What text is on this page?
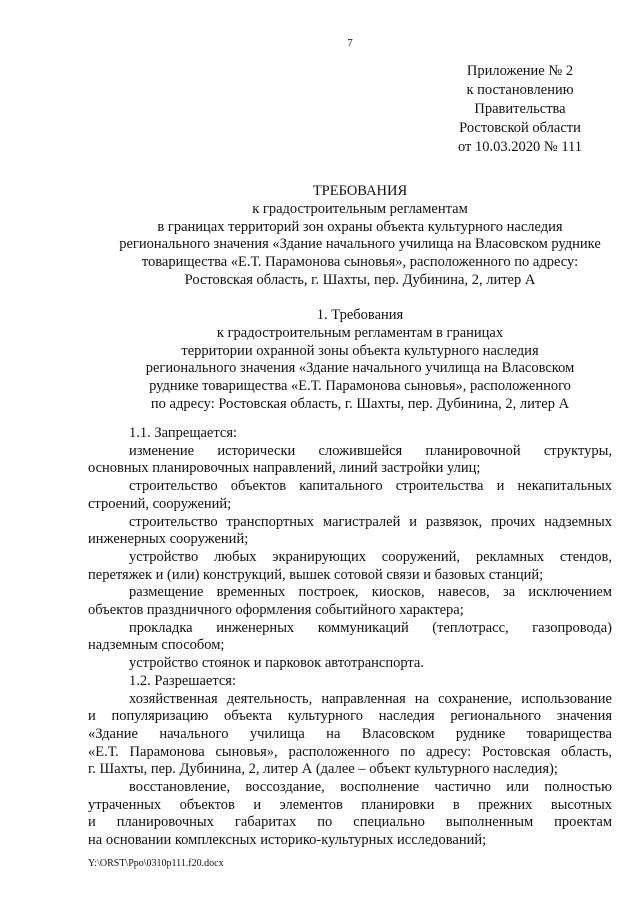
7
Приложение № 2
к постановлению
Правительства
Ростовской области
от 10.03.2020 № 111
ТРЕБОВАНИЯ
к градостроительным регламентам
в границах территорий зон охраны объекта культурного наследия
регионального значения «Здание начального училища на Власовском руднике
товарищества «Е.Т. Парамонова сыновья», расположенного по адресу:
Ростовская область, г. Шахты, пер. Дубинина, 2, литер А
1. Требования
к градостроительным регламентам в границах
территории охранной зоны объекта культурного наследия
регионального значения «Здание начального училища на Власовском
руднике товарищества «Е.Т. Парамонова сыновья», расположенного
по адресу: Ростовская область, г. Шахты, пер. Дубинина, 2, литер А
1.1. Запрещается:
изменение исторически сложившейся планировочной структуры,
основных планировочных направлений, линий застройки улиц;
строительство объектов капитального строительства и некапитальных
строений, сооружений;
строительство транспортных магистралей и развязок, прочих надземных
инженерных сооружений;
устройство любых экранирующих сооружений, рекламных стендов,
перетяжек и (или) конструкций, вышек сотовой связи и базовых станций;
размещение временных построек, киосков, навесов, за исключением
объектов праздничного оформления событийного характера;
прокладка инженерных коммуникаций (теплотрасс, газопровода)
надземным способом;
устройство стоянок и парковок автотранспорта.
1.2. Разрешается:
хозяйственная деятельность, направленная на сохранение, использование
и популяризацию объекта культурного наследия регионального значения
«Здание начального училища на Власовском руднике товарищества
«Е.Т. Парамонова сыновья», расположенного по адресу: Ростовская область,
г. Шахты, пер. Дубинина, 2, литер А (далее – объект культурного наследия);
восстановление, воссоздание, восполнение частично или полностью
утраченных объектов и элементов планировки в прежних высотных
и планировочных габаритах по специально выполненным проектам
на основании комплексных историко-культурных исследований;
Y:\ORST\Ppo\0310p111.f20.docx
